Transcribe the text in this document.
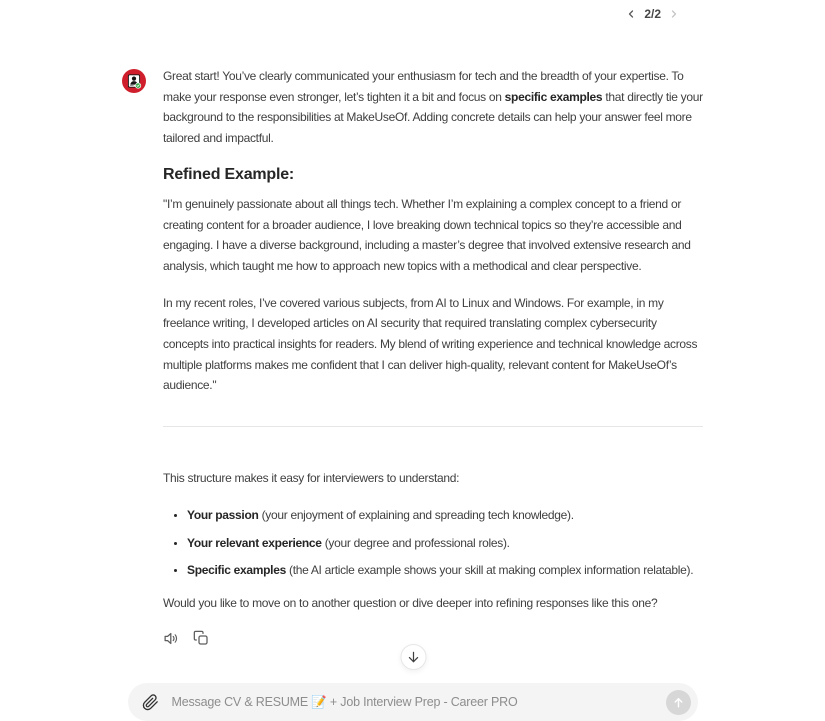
2/2

Great start! You’ve clearly communicated your enthusiasm for tech and the breadth of your expertise. To make your response even stronger, let’s tighten it a bit and focus on specific examples that directly tie your background to the responsibilities at MakeUseOf. Adding concrete details can help your answer feel more tailored and impactful.

Refined Example:

"I’m genuinely passionate about all things tech. Whether I’m explaining a complex concept to a friend or creating content for a broader audience, I love breaking down technical topics so they’re accessible and engaging. I have a diverse background, including a master’s degree that involved extensive research and analysis, which taught me how to approach new topics with a methodical and clear perspective.

In my recent roles, I’ve covered various subjects, from AI to Linux and Windows. For example, in my freelance writing, I developed articles on AI security that required translating complex cybersecurity concepts into practical insights for readers. My blend of writing experience and technical knowledge across multiple platforms makes me confident that I can deliver high-quality, relevant content for MakeUseOf’s audience."

This structure makes it easy for interviewers to understand:

• Your passion (your enjoyment of explaining and spreading tech knowledge).
• Your relevant experience (your degree and professional roles).
• Specific examples (the AI article example shows your skill at making complex information relatable).

Would you like to move on to another question or dive deeper into refining responses like this one?

Message CV & RESUME 📝 + Job Interview Prep - Career PRO
